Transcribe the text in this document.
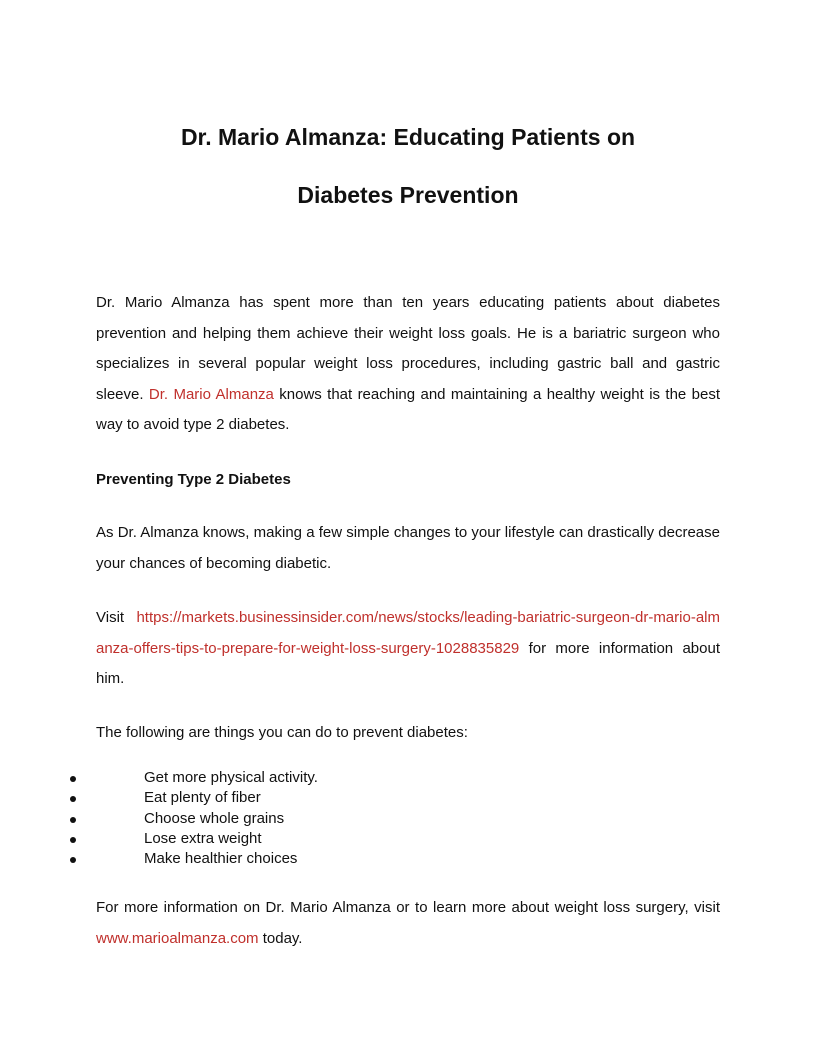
Dr. Mario Almanza: Educating Patients on
Diabetes Prevention

Dr. Mario Almanza has spent more than ten years educating patients about diabetes prevention and helping them achieve their weight loss goals. He is a bariatric surgeon who specializes in several popular weight loss procedures, including gastric ball and gastric sleeve. Dr. Mario Almanza knows that reaching and maintaining a healthy weight is the best way to avoid type 2 diabetes.

Preventing Type 2 Diabetes

As Dr. Almanza knows, making a few simple changes to your lifestyle can drastically decrease your chances of becoming diabetic.

Visit https://markets.businessinsider.com/news/stocks/leading-bariatric-surgeon-dr-mario-almanza-offers-tips-to-prepare-for-weight-loss-surgery-1028835829 for more information about him.

The following are things you can do to prevent diabetes:

Get more physical activity.
Eat plenty of fiber
Choose whole grains
Lose extra weight
Make healthier choices

For more information on Dr. Mario Almanza or to learn more about weight loss surgery, visit www.marioalmanza.com today.
